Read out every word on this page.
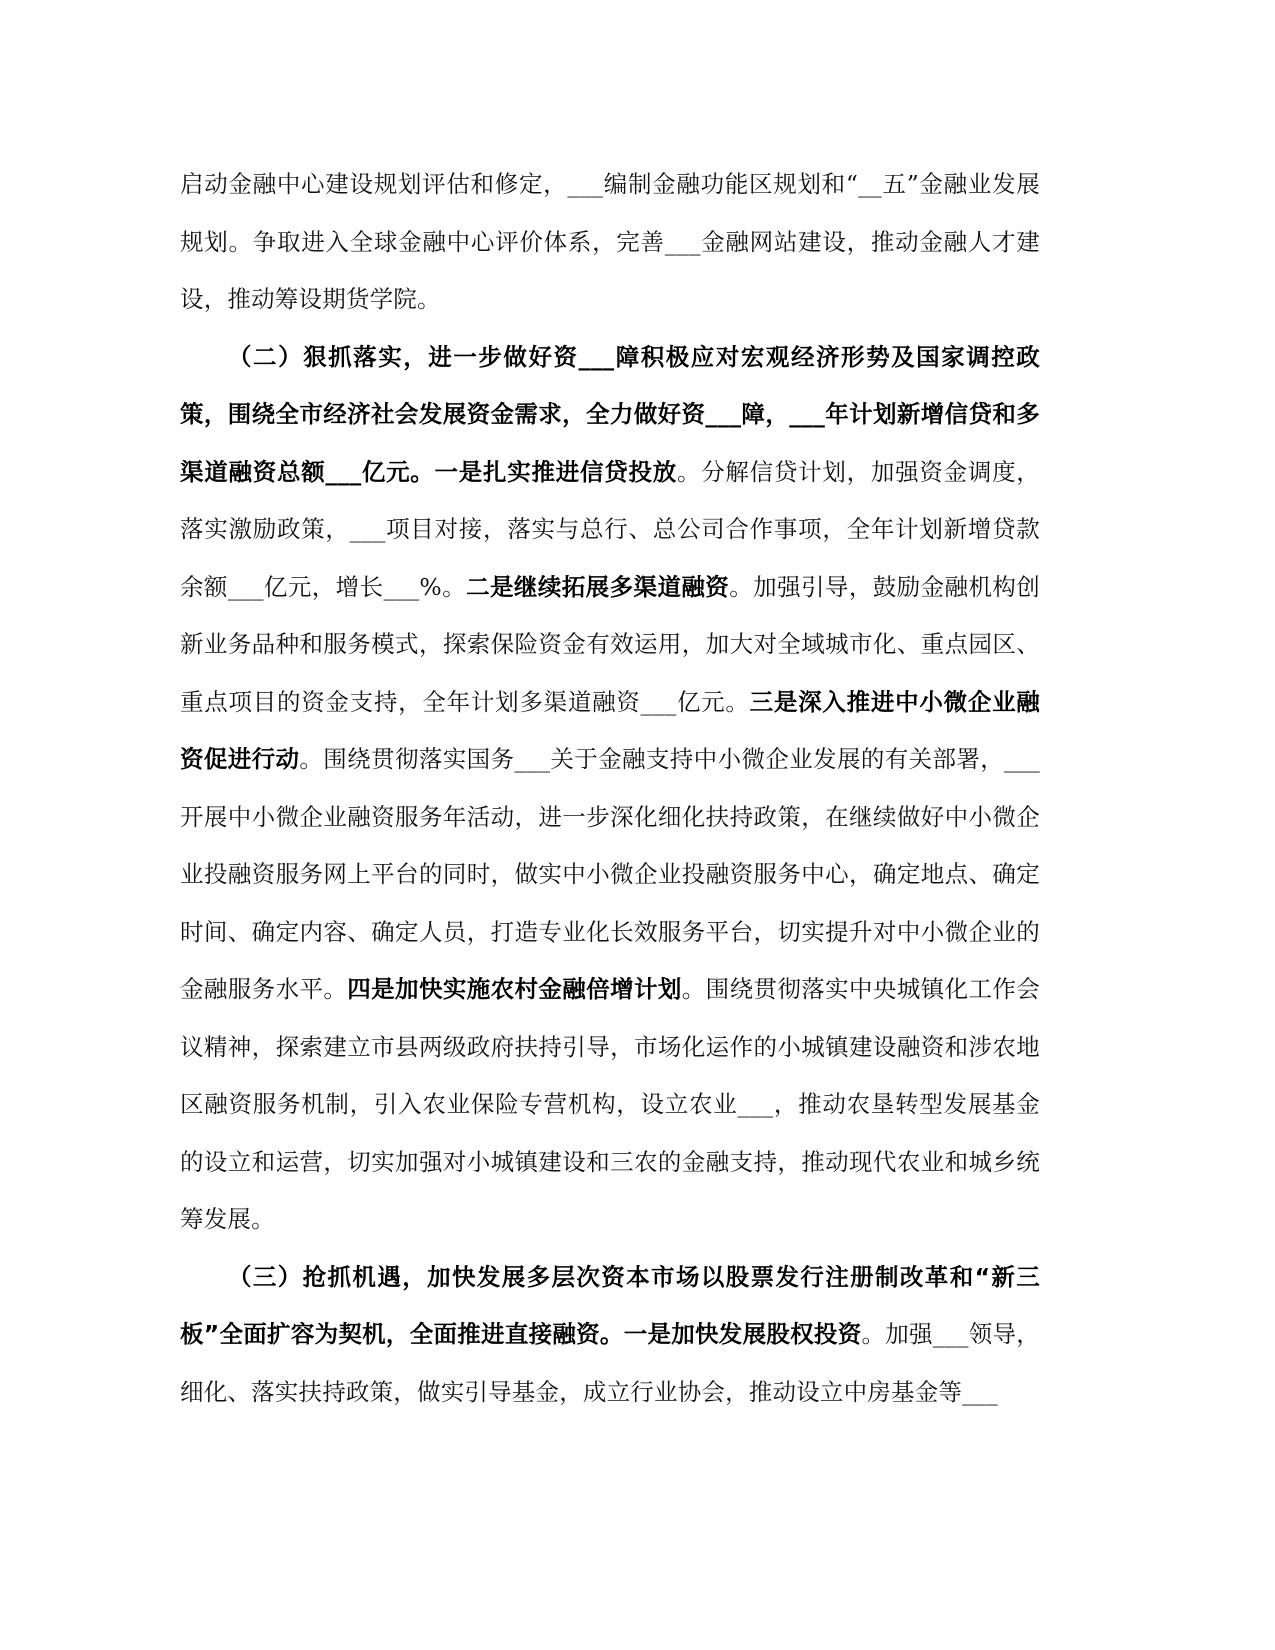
启动金融中心建设规划评估和修定，___编制金融功能区规划和“__五”金融业发展规划。争取进入全球金融中心评价体系，完善___金融网站建设，推动金融人才建设，推动筹设期货学院。

（二）狠抓落实，进一步做好资___障积极应对宏观经济形势及国家调控政策，围绕全市经济社会发展资金需求，全力做好资___障，___年计划新增信贷和多渠道融资总额___亿元。一是扎实推进信贷投放。分解信贷计划，加强资金调度，落实激励政策，___项目对接，落实与总行、总公司合作事项，全年计划新增贷款余额___亿元，增长___%。二是继续拓展多渠道融资。加强引导，鼓励金融机构创新业务品种和服务模式，探索保险资金有效运用，加大对全域城市化、重点园区、重点项目的资金支持，全年计划多渠道融资___亿元。三是深入推进中小微企业融资促进行动。围绕贯彻落实国务___关于金融支持中小微企业发展的有关部署，___开展中小微企业融资服务年活动，进一步深化细化扶持政策，在继续做好中小微企业投融资服务网上平台的同时，做实中小微企业投融资服务中心，确定地点、确定时间、确定内容、确定人员，打造专业化长效服务平台，切实提升对中小微企业的金融服务水平。四是加快实施农村金融倍增计划。围绕贯彻落实中央城镇化工作会议精神，探索建立市县两级政府扶持引导，市场化运作的小城镇建设融资和涉农地区融资服务机制，引入农业保险专营机构，设立农业___，推动农垦转型发展基金的设立和运营，切实加强对小城镇建设和三农的金融支持，推动现代农业和城乡统筹发展。

（三）抢抓机遇，加快发展多层次资本市场以股票发行注册制改革和“新三板”全面扩容为契机，全面推进直接融资。一是加快发展股权投资。加强___领导，细化、落实扶持政策，做实引导基金，成立行业协会，推动设立中房基金等___
